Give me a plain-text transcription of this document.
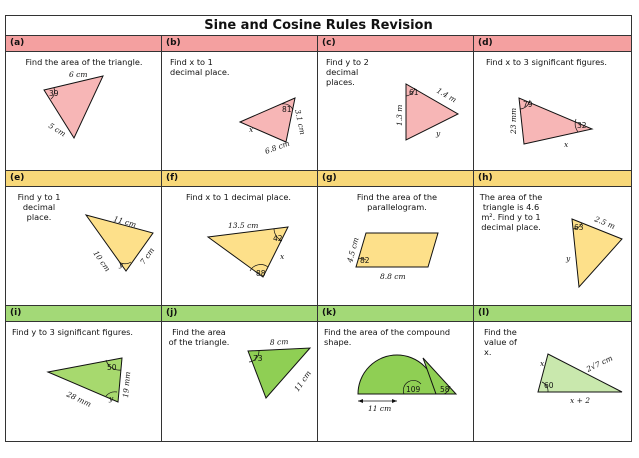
Sine and Cosine Rules Revision
(a)
Find the area of the triangle.
39
6 cm
5 cm
(b)
Find x to 1 decimal place.
81
x	3.1 cm
6.8 cm
(c)
Find y to 2 decimal places.
61
1.3 m
1.4 m
y
(d)
Find x to 3 significant figures.
79
32
23 mm
x
(e)
Find y to 1 decimal place.
y
11 cm
10 cm	7 cm
(f)
Find x to 1 decimal place.
42
88
13.5 cm
x
(g)
Find the area of the parallelogram.
82
4.5 cm
8.8 cm
(h)
The area of the triangle is 4.6 m². Find y to 1 decimal place.	63 2.5 m
y
(i)
Find y to 3 significant figures.
50
y
19 mm
28 mm
(j)
Find the area of the triangle.
73
8 cm
11 cm
(k)
Find the area of the compound shape.
109	58
11 cm
(l)
Find the value of x.
60
x	2√7 cm
x + 2
